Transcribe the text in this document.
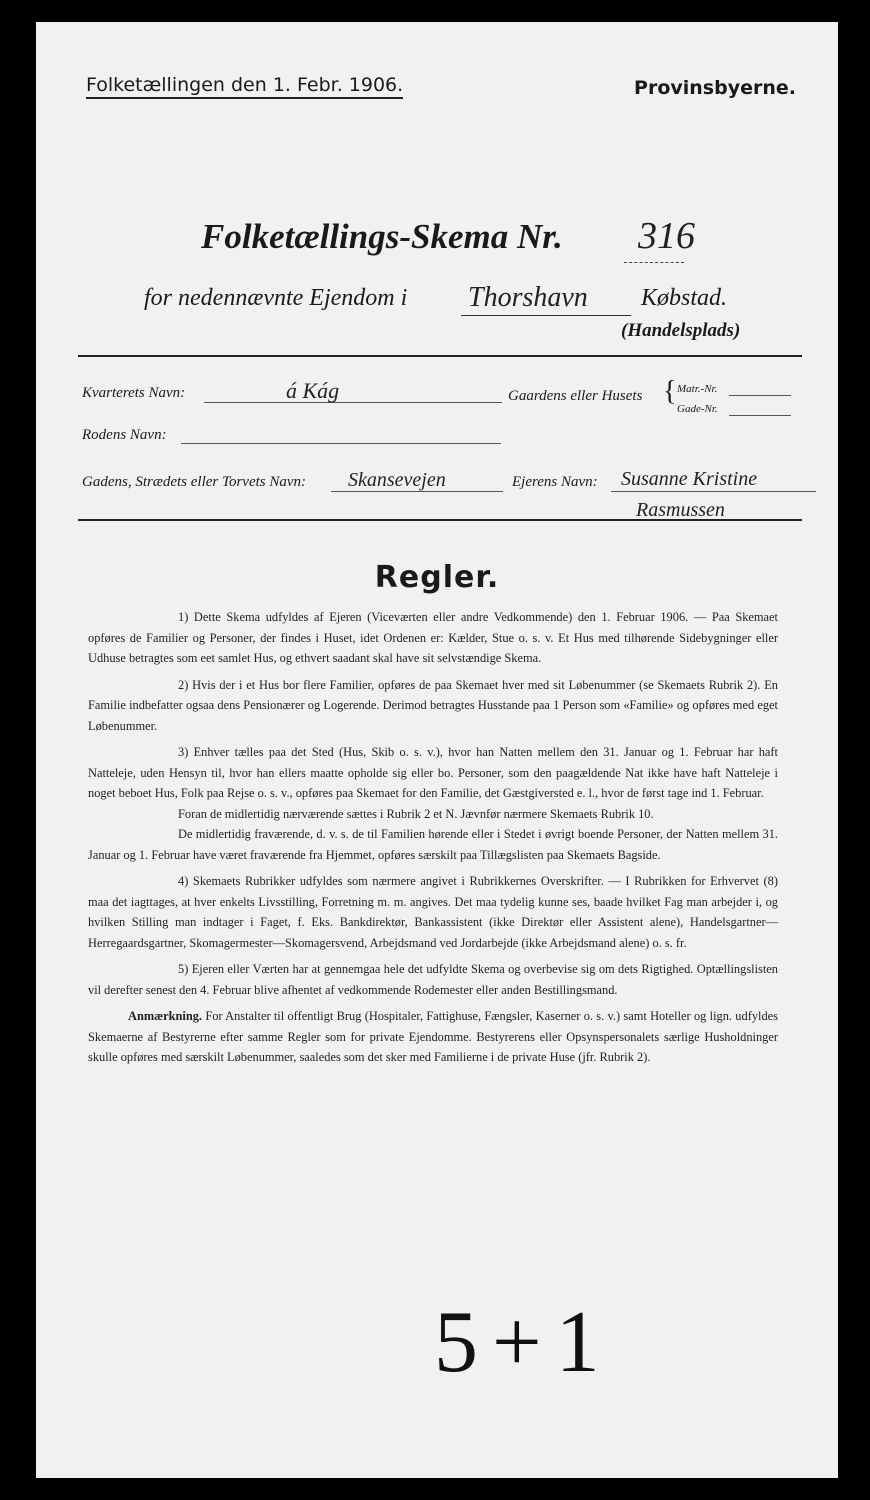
Folketællingen den 1. Febr. 1906.	Provinsbyerne.
Folketællings-Skema Nr. 316
for nedennævnte Ejendom i Thorshavn Købstad.
(Handelsplads)
Kvarterets Navn:	á Kág	Gaardens eller Husets { Matr.-Nr.
Gade-Nr.
Rodens Navn:
Gadens, Strædets eller Torvets Navn: Skansevejen	Ejerens Navn: Susanne Kristine
Rasmussen
Regler.

1) Dette Skema udfyldes af Ejeren (Viceværten eller andre Vedkommende) den 1. Februar 1906. — Paa Skemaet opføres de Familier og Personer, der findes i Huset, idet Ordenen er: Kælder, Stue o. s. v. Et Hus med tilhørende Sidebygninger eller Udhuse betragtes som eet samlet Hus, og ethvert saadant skal have sit selvstændige Skema.

2) Hvis der i et Hus bor flere Familier, opføres de paa Skemaet hver med sit Løbenummer (se Skemaets Rubrik 2). En Familie indbefatter ogsaa dens Pensionærer og Logerende. Derimod betragtes Husstande paa 1 Person som «Familie» og opføres med eget Løbenummer.

3) Enhver tælles paa det Sted (Hus, Skib o. s. v.), hvor han Natten mellem den 31. Januar og 1. Februar har haft Natteleje, uden Hensyn til, hvor han ellers maatte opholde sig eller bo. Personer, som den paagældende Nat ikke have haft Natteleje i noget beboet Hus, Folk paa Rejse o. s. v., opføres paa Skemaet for den Familie, det Gæstgiversted e. l., hvor de først tage ind 1. Februar.

Foran de midlertidig nærværende sættes i Rubrik 2 et N. Jævnfør nærmere Skemaets Rubrik 10.

De midlertidig fraværende, d. v. s. de til Familien hørende eller i Stedet i øvrigt boende Personer, der Natten mellem 31. Januar og 1. Februar have været fraværende fra Hjemmet, opføres særskilt paa Tillægslisten paa Skemaets Bagside.

4) Skemaets Rubrikker udfyldes som nærmere angivet i Rubrikkernes Overskrifter. — I Rubrikken for Erhvervet (8) maa det iagttages, at hver enkelts Livsstilling, Forretning m. m. angives. Det maa tydelig kunne ses, baade hvilket Fag man arbejder i, og hvilken Stilling man indtager i Faget, f. Eks. Bankdirektør, Bankassistent (ikke Direktør eller Assistent alene), Handelsgartner—Herregaardsgartner, Skomagermester—Skomagersvend, Arbejdsmand ved Jordarbejde (ikke Arbejdsmand alene) o. s. fr.

5) Ejeren eller Værten har at gennemgaa hele det udfyldte Skema og overbevise sig om dets Rigtighed. Optællingslisten vil derefter senest den 4. Februar blive afhentet af vedkommende Rodemester eller anden Bestillingsmand.

Anmærkning. For Anstalter til offentligt Brug (Hospitaler, Fattighuse, Fængsler, Kaserner o. s. v.) samt Hoteller og lign. udfyldes Skemaerne af Bestyrerne efter samme Regler som for private Ejendomme. Bestyrerens eller Opsynspersonalets særlige Husholdninger skulle opføres med særskilt Løbenummer, saaledes som det sker med Familierne i de private Huse (jfr. Rubrik 2).

5+1
